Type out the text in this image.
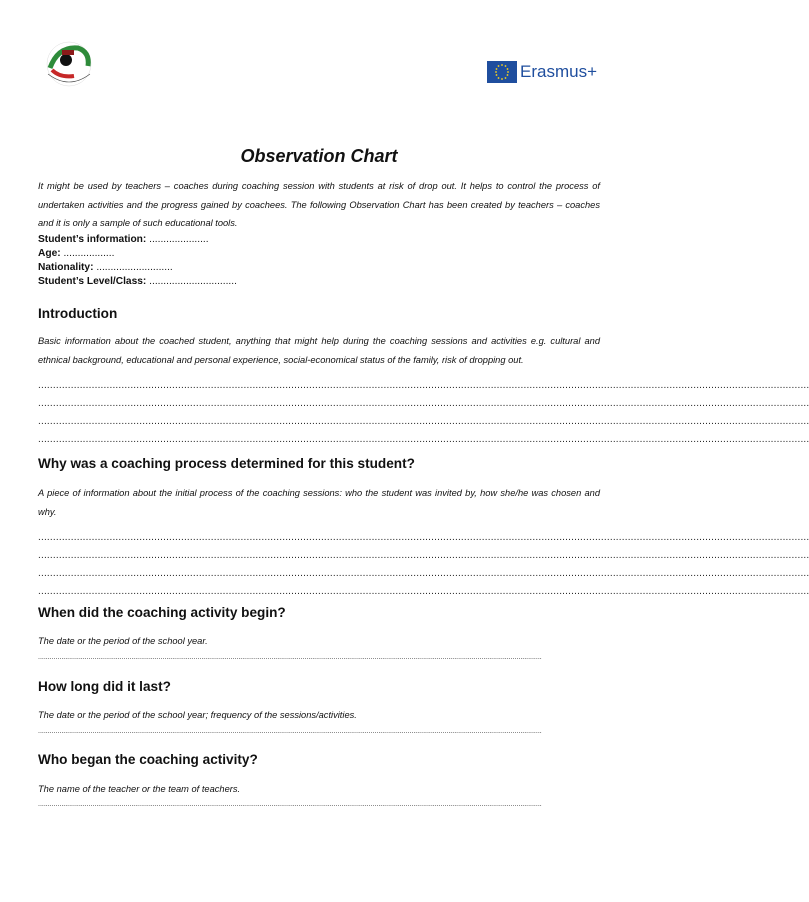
Erasmus+
Observation Chart
It might be used by teachers – coaches during coaching session with students at risk of drop out. It helps to control the process of undertaken activities and the progress gained by coachees. The following Observation Chart has been created by teachers – coaches and it is only a sample of such educational tools.
Student’s information: .....................
Age: ..................
Nationality: ...........................
Student’s Level/Class: ...............................
Introduction
Basic information about the coached student, anything that might help during the coaching sessions and activities e.g. cultural and ethnical background, educational and personal experience, social-economical status of the family, risk of dropping out.
...................................................................................................................................................................................................................................................................
...................................................................................................................................................................................................................................................................
...................................................................................................................................................................................................................................................................
...................................................................................................................................................................................................................................................................
Why was a coaching process determined for this student?
A piece of information about the initial process of the coaching sessions: who the student was invited by, how she/he was chosen and why.
...................................................................................................................................................................................................................................................................
...................................................................................................................................................................................................................................................................
...................................................................................................................................................................................................................................................................
...................................................................................................................................................................................................................................................................
When did the coaching activity begin?
The date or the period of the school year.
...................................................................................................................................................................................................................................................................
How long did it last?
The date or the period of the school year; frequency of the sessions/activities.
...................................................................................................................................................................................................................................................................
Who began the coaching activity?
The name of the teacher or the team of teachers.
...................................................................................................................................................................................................................................................................
